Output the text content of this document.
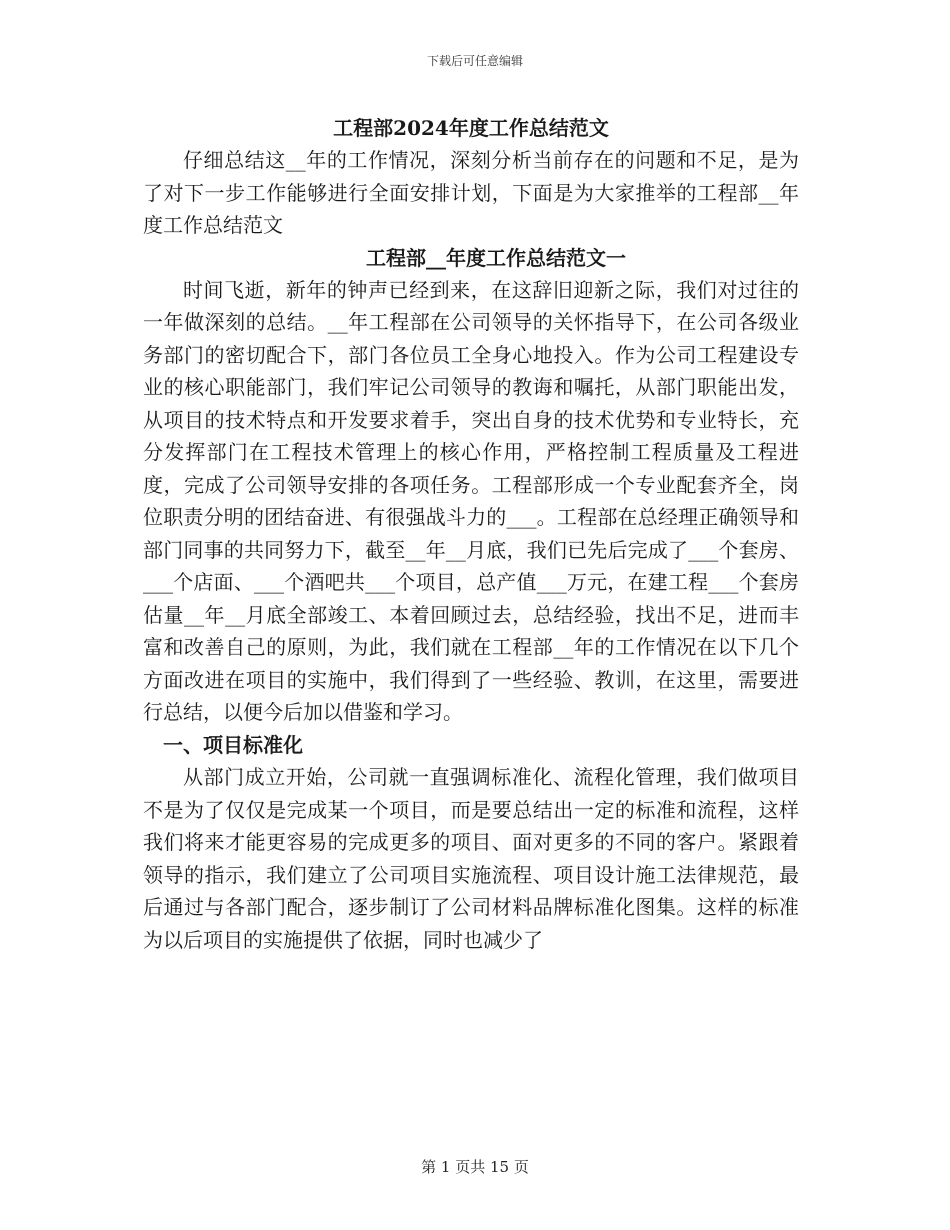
下载后可任意编辑
工程部2024年度工作总结范文

仔细总结这__年的工作情况，深刻分析当前存在的问题和不足，是为了对下一步工作能够进行全面安排计划，下面是为大家推举的工程部__年度工作总结范文

工程部__年度工作总结范文一

时间飞逝，新年的钟声已经到来，在这辞旧迎新之际，我们对过往的一年做深刻的总结。__年工程部在公司领导的关怀指导下，在公司各级业务部门的密切配合下，部门各位员工全身心地投入。作为公司工程建设专业的核心职能部门，我们牢记公司领导的教诲和嘱托，从部门职能出发，从项目的技术特点和开发要求着手，突出自身的技术优势和专业特长，充分发挥部门在工程技术管理上的核心作用，严格控制工程质量及工程进度，完成了公司领导安排的各项任务。工程部形成一个专业配套齐全，岗位职责分明的团结奋进、有很强战斗力的___。工程部在总经理正确领导和部门同事的共同努力下，截至__年__月底，我们已先后完成了___个套房、___个店面、___个酒吧共___个项目，总产值___万元，在建工程___个套房估量__年__月底全部竣工、本着回顾过去，总结经验，找出不足，进而丰富和改善自己的原则，为此，我们就在工程部__年的工作情况在以下几个方面改进在项目的实施中，我们得到了一些经验、教训，在这里，需要进行总结，以便今后加以借鉴和学习。

一、项目标准化

从部门成立开始，公司就一直强调标准化、流程化管理，我们做项目不是为了仅仅是完成某一个项目，而是要总结出一定的标准和流程，这样我们将来才能更容易的完成更多的项目、面对更多的不同的客户。紧跟着领导的指示，我们建立了公司项目实施流程、项目设计施工法律规范，最后通过与各部门配合，逐步制订了公司材料品牌标准化图集。这样的标准为以后项目的实施提供了依据，同时也减少了

第 1 页共 15 页
